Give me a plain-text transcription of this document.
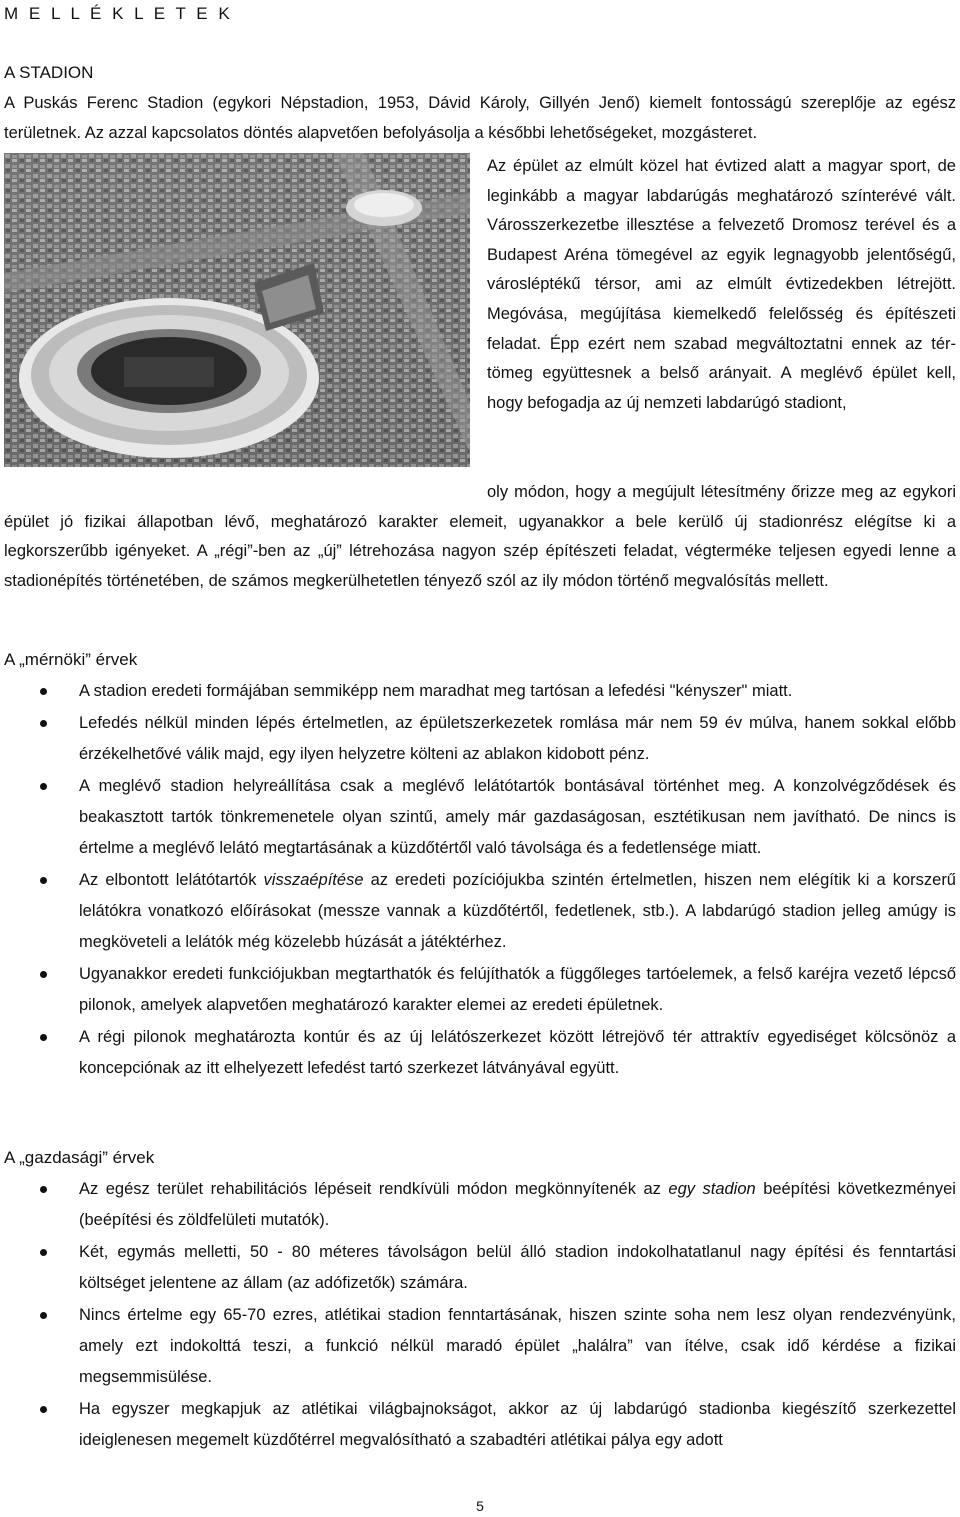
M E L L É K L E T E K
A STADION

A Puskás Ferenc Stadion (egykori Népstadion, 1953, Dávid Károly, Gillyén Jenő) kiemelt fontosságú szereplője az egész területnek. Az azzal kapcsolatos döntés alapvetően befolyásolja a későbbi lehetőségeket, mozgásteret.

Az épület az elmúlt közel hat évtized alatt a magyar sport, de leginkább a magyar labdarúgás meghatározó színterévé vált. Városszerkezetbe illesztése a felvezető Dromosz terével és a Budapest Aréna tömegével az egyik legnagyobb jelentőségű, városléptékű térsor, ami az elmúlt évtizedekben létrejött. Megóvása, megújítása kiemelkedő felelősség és építészeti feladat. Épp ezért nem szabad megváltoztatni ennek az tér-tömeg együttesnek a belső arányait. A meglévő épület kell, hogy befogadja az új nemzeti labdarúgó stadiont,

oly módon, hogy a megújult létesítmény őrizze meg az egykori épület jó fizikai állapotban lévő, meghatározó karakter elemeit, ugyanakkor a bele kerülő új stadionrész elégítse ki a legkorszerűbb igényeket. A „régi”-ben az „új” létrehozása nagyon szép építészeti feladat, végterméke teljesen egyedi lenne a stadionépítés történetében, de számos megkerülhetetlen tényező szól az ily módon történő megvalósítás mellett.

A „mérnöki” érvek
A stadion eredeti formájában semmiképp nem maradhat meg tartósan a lefedési "kényszer" miatt.
Lefedés nélkül minden lépés értelmetlen, az épületszerkezetek romlása már nem 59 év múlva, hanem sokkal előbb érzékelhetővé válik majd, egy ilyen helyzetre költeni az ablakon kidobott pénz.
A meglévő stadion helyreállítása csak a meglévő lelátótartók bontásával történhet meg. A konzolvégződések és beakasztott tartók tönkremenetele olyan szintű, amely már gazdaságosan, esztétikusan nem javítható. De nincs is értelme a meglévő lelátó megtartásának a küzdőtértől való távolsága és a fedetlensége miatt.
Az elbontott lelátótartók visszaépítése az eredeti pozíciójukba szintén értelmetlen, hiszen nem elégítik ki a korszerű lelátókra vonatkozó előírásokat (messze vannak a küzdőtértől, fedetlenek, stb.). A labdarúgó stadion jelleg amúgy is megköveteli a lelátók még közelebb húzását a játéktérhez.
Ugyanakkor eredeti funkciójukban megtarthatók és felújíthatók a függőleges tartóelemek, a felső karéjra vezető lépcső pilonok, amelyek alapvetően meghatározó karakter elemei az eredeti épületnek.
A régi pilonok meghatározta kontúr és az új lelátószerkezet között létrejövő tér attraktív egyediséget kölcsönöz a koncepciónak az itt elhelyezett lefedést tartó szerkezet látványával együtt.
A „gazdasági” érvek
Az egész terület rehabilitációs lépéseit rendkívüli módon megkönnyítenék az egy stadion beépítési következményei (beépítési és zöldfelületi mutatók).
Két, egymás melletti, 50 - 80 méteres távolságon belül álló stadion indokolhatatlanul nagy építési és fenntartási költséget jelentene az állam (az adófizetők) számára.
Nincs értelme egy 65-70 ezres, atlétikai stadion fenntartásának, hiszen szinte soha nem lesz olyan rendezvényünk, amely ezt indokolttá teszi, a funkció nélkül maradó épület „halálra” van ítélve, csak idő kérdése a fizikai megsemmisülése.
Ha egyszer megkapjuk az atlétikai világbajnokságot, akkor az új labdarúgó stadionba kiegészítő szerkezettel ideiglenesen megemelt küzdőtérrel megvalósítható a szabadtéri atlétikai pálya egy adott
5
